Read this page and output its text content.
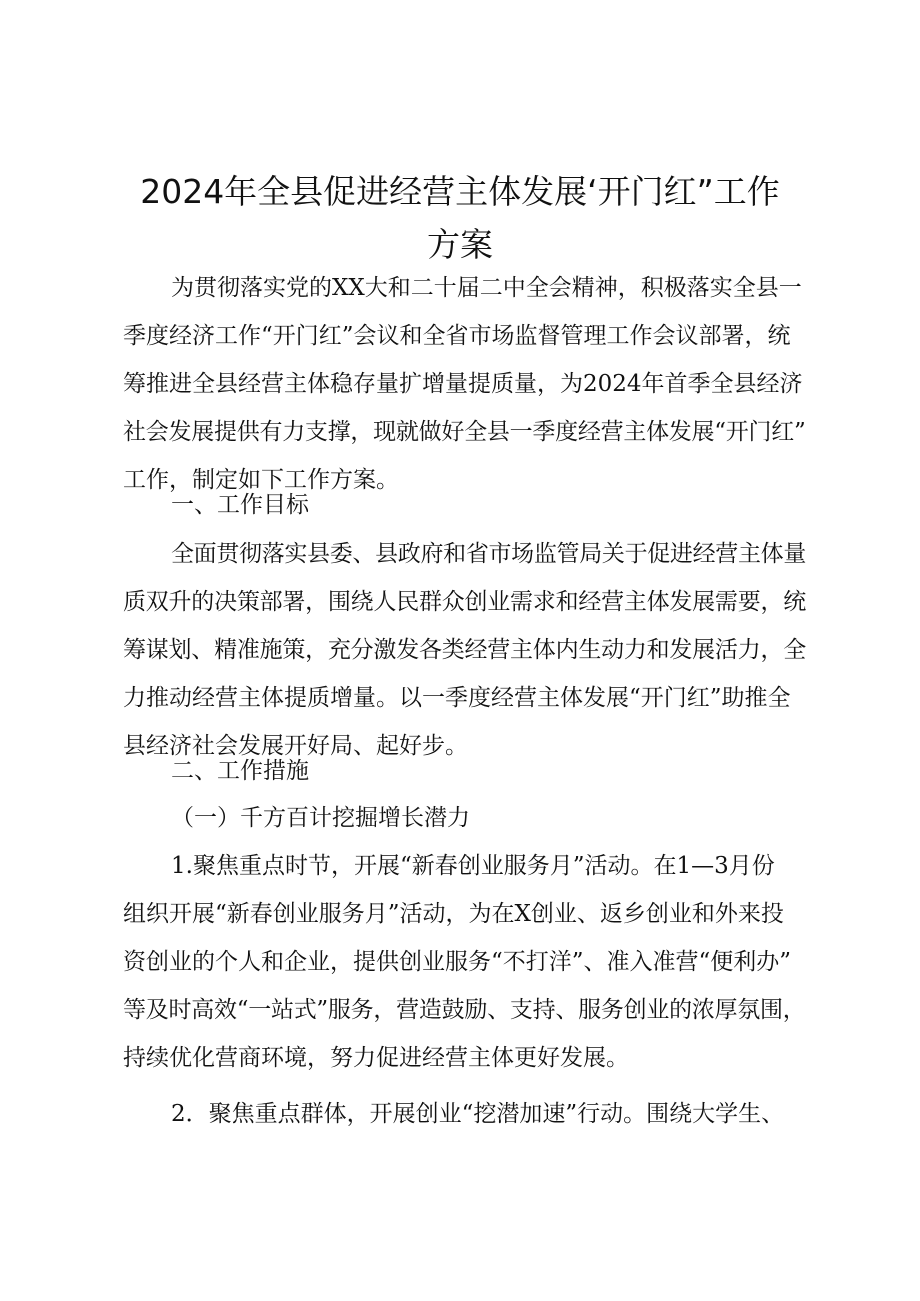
2024年全县促进经营主体发展‘开门红”工作
方案

为贯彻落实党的XX大和二十届二中全会精神，积极落实全县一

季度经济工作“开门红”会议和全省市场监督管理工作会议部署，统

筹推进全县经营主体稳存量扩增量提质量，为2024年首季全县经济

社会发展提供有力支撑，现就做好全县一季度经营主体发展“开门红”

工作，制定如下工作方案。

一、工作目标

全面贯彻落实县委、县政府和省市场监管局关于促进经营主体量

质双升的决策部署，围绕人民群众创业需求和经营主体发展需要，统

筹谋划、精准施策，充分激发各类经营主体内生动力和发展活力，全

力推动经营主体提质增量。以一季度经营主体发展“开门红”助推全

县经济社会发展开好局、起好步。

二、工作措施

（一）千方百计挖掘增长潜力

1.聚焦重点时节，开展“新春创业服务月”活动。在1—3月份

组织开展“新春创业服务月”活动，为在X创业、返乡创业和外来投

资创业的个人和企业，提供创业服务“不打洋”、准入准营“便利办”

等及时高效“一站式”服务，营造鼓励、支持、服务创业的浓厚氛围，

持续优化营商环境，努力促进经营主体更好发展。

2．聚焦重点群体，开展创业“挖潜加速”行动。围绕大学生、
